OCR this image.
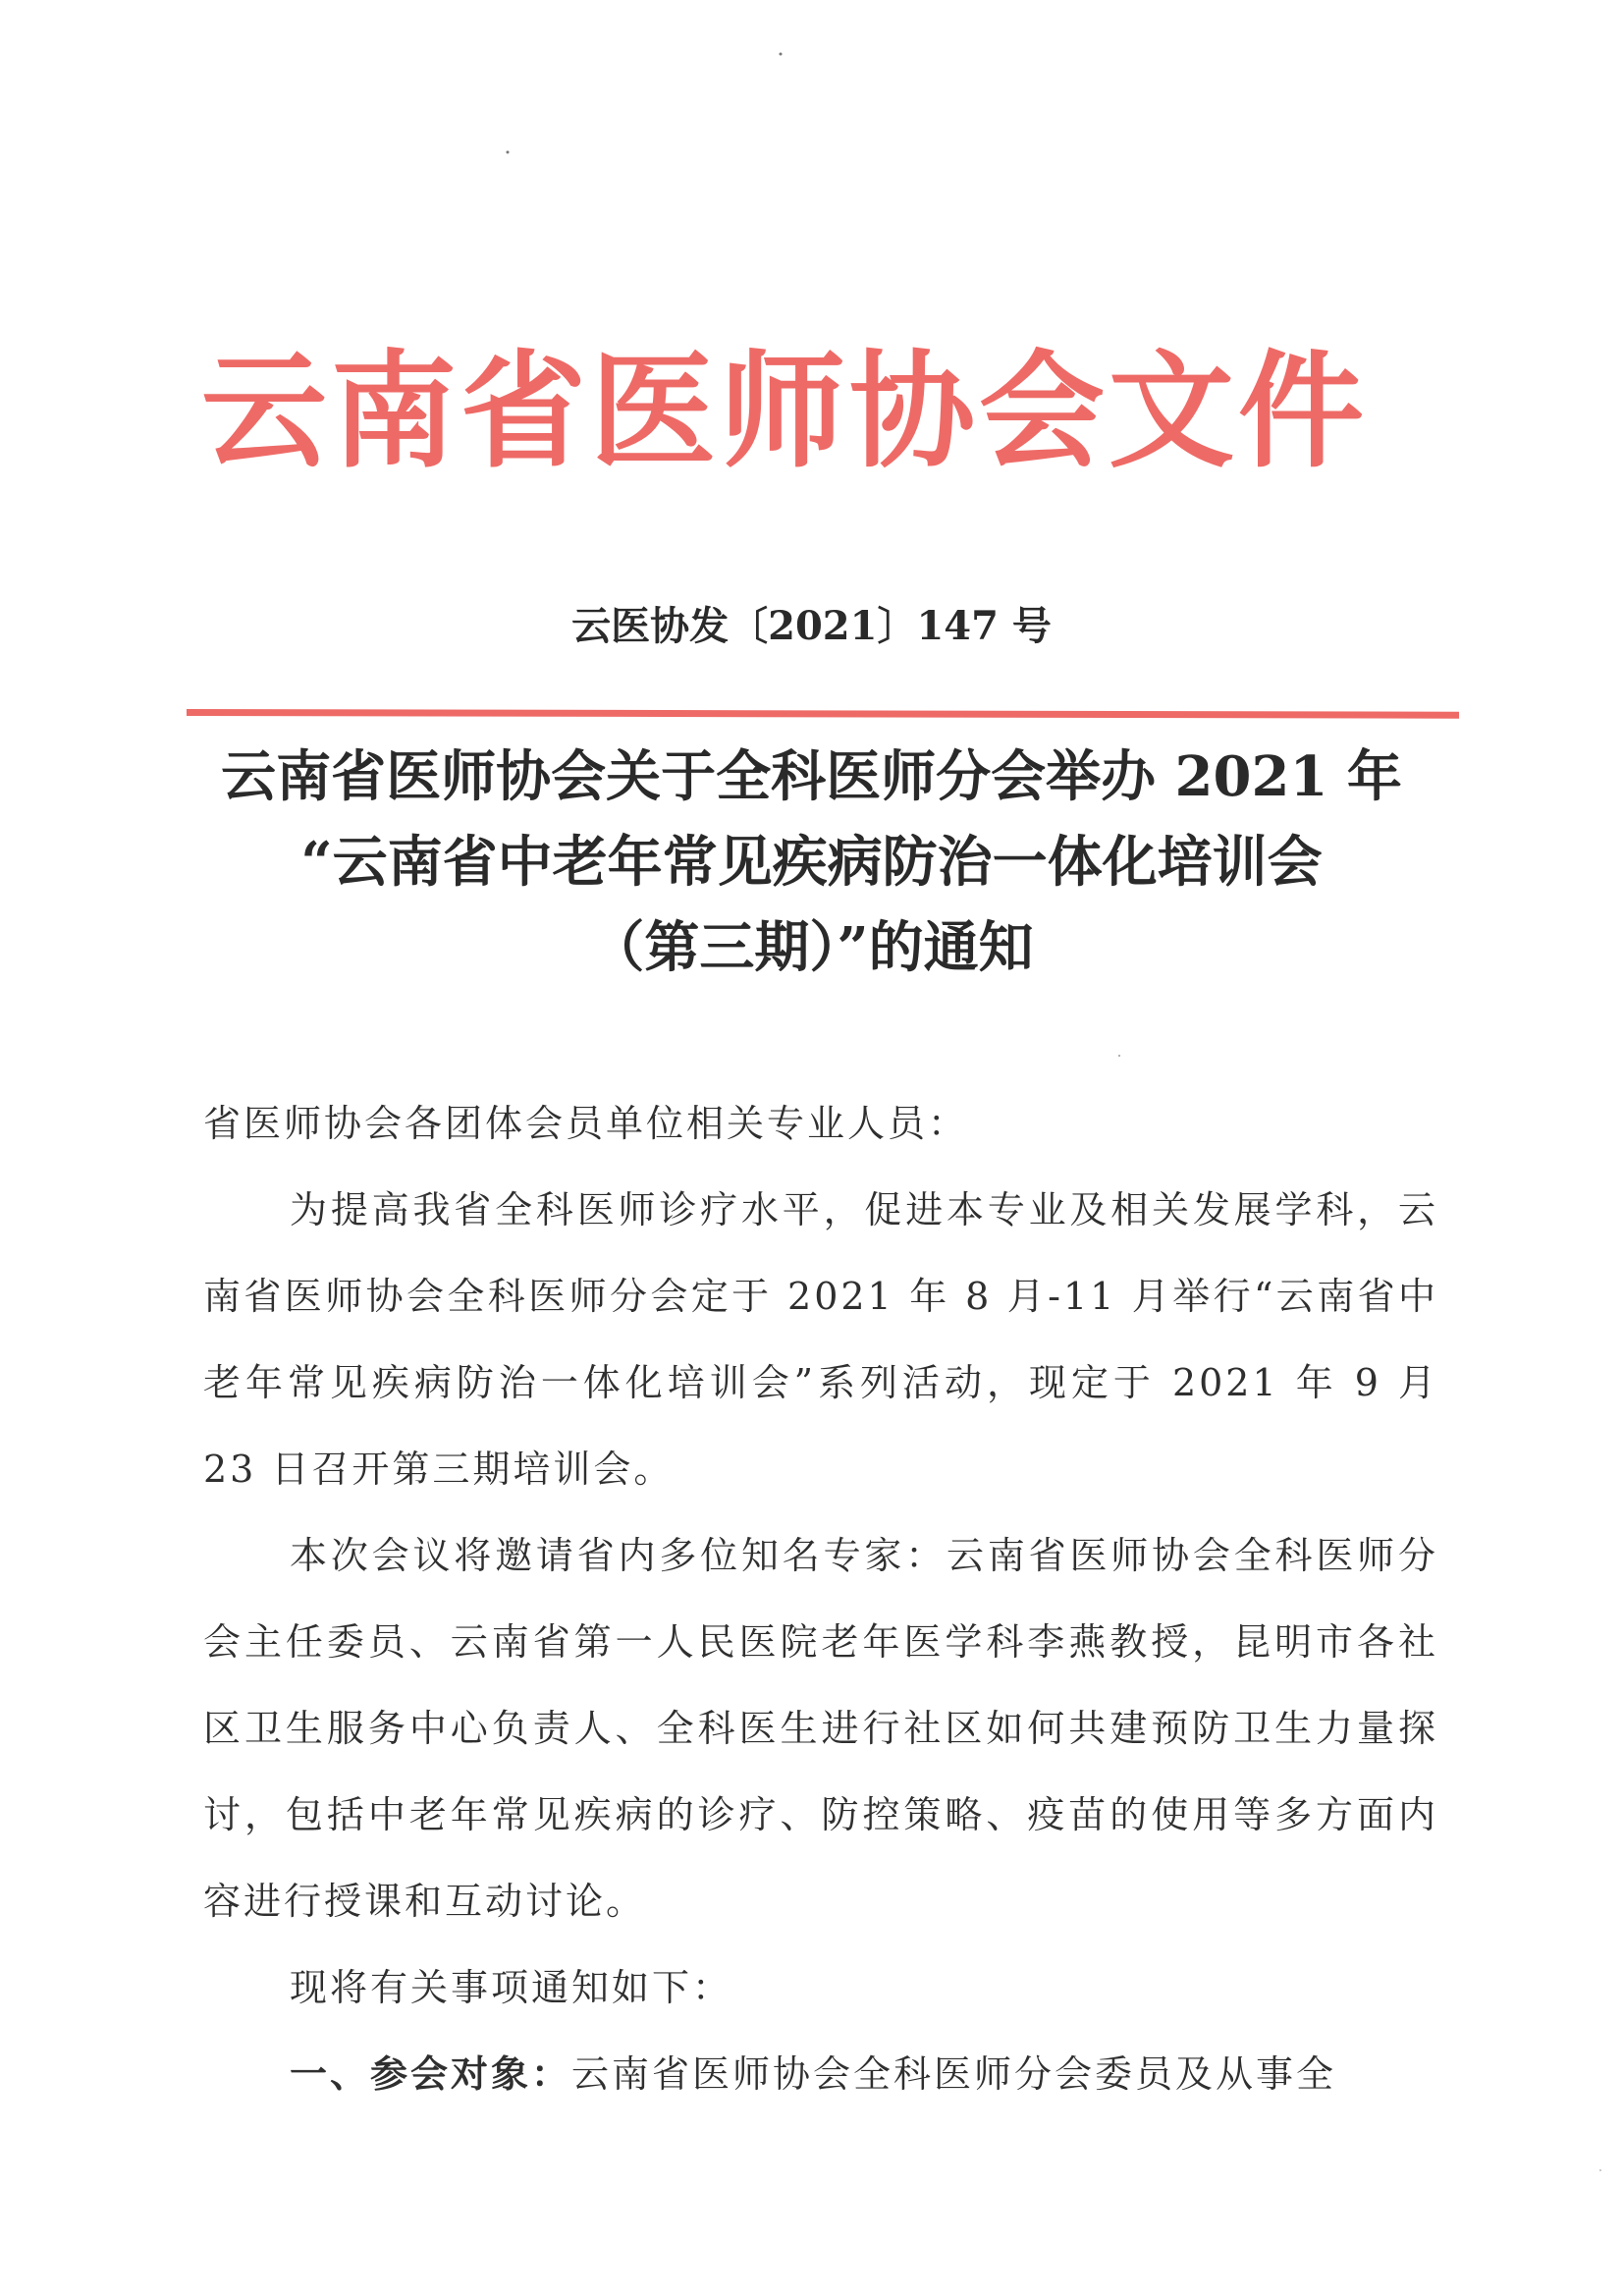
云南省医师协会文件
云医协发〔2021〕147 号
云南省医师协会关于全科医师分会举办 2021 年
“云南省中老年常见疾病防治一体化培训会
（第三期）”的通知
省医师协会各团体会员单位相关专业人员：
为提高我省全科医师诊疗水平，促进本专业及相关发展学科，云南省医师协会全科医师分会定于 2021 年 8 月-11 月举行“云南省中老年常见疾病防治一体化培训会”系列活动，现定于 2021 年 9 月 23 日召开第三期培训会。
本次会议将邀请省内多位知名专家：云南省医师协会全科医师分会主任委员、云南省第一人民医院老年医学科李燕教授，昆明市各社区卫生服务中心负责人、全科医生进行社区如何共建预防卫生力量探讨，包括中老年常见疾病的诊疗、防控策略、疫苗的使用等多方面内容进行授课和互动讨论。
现将有关事项通知如下：
一、参会对象：云南省医师协会全科医师分会委员及从事全
